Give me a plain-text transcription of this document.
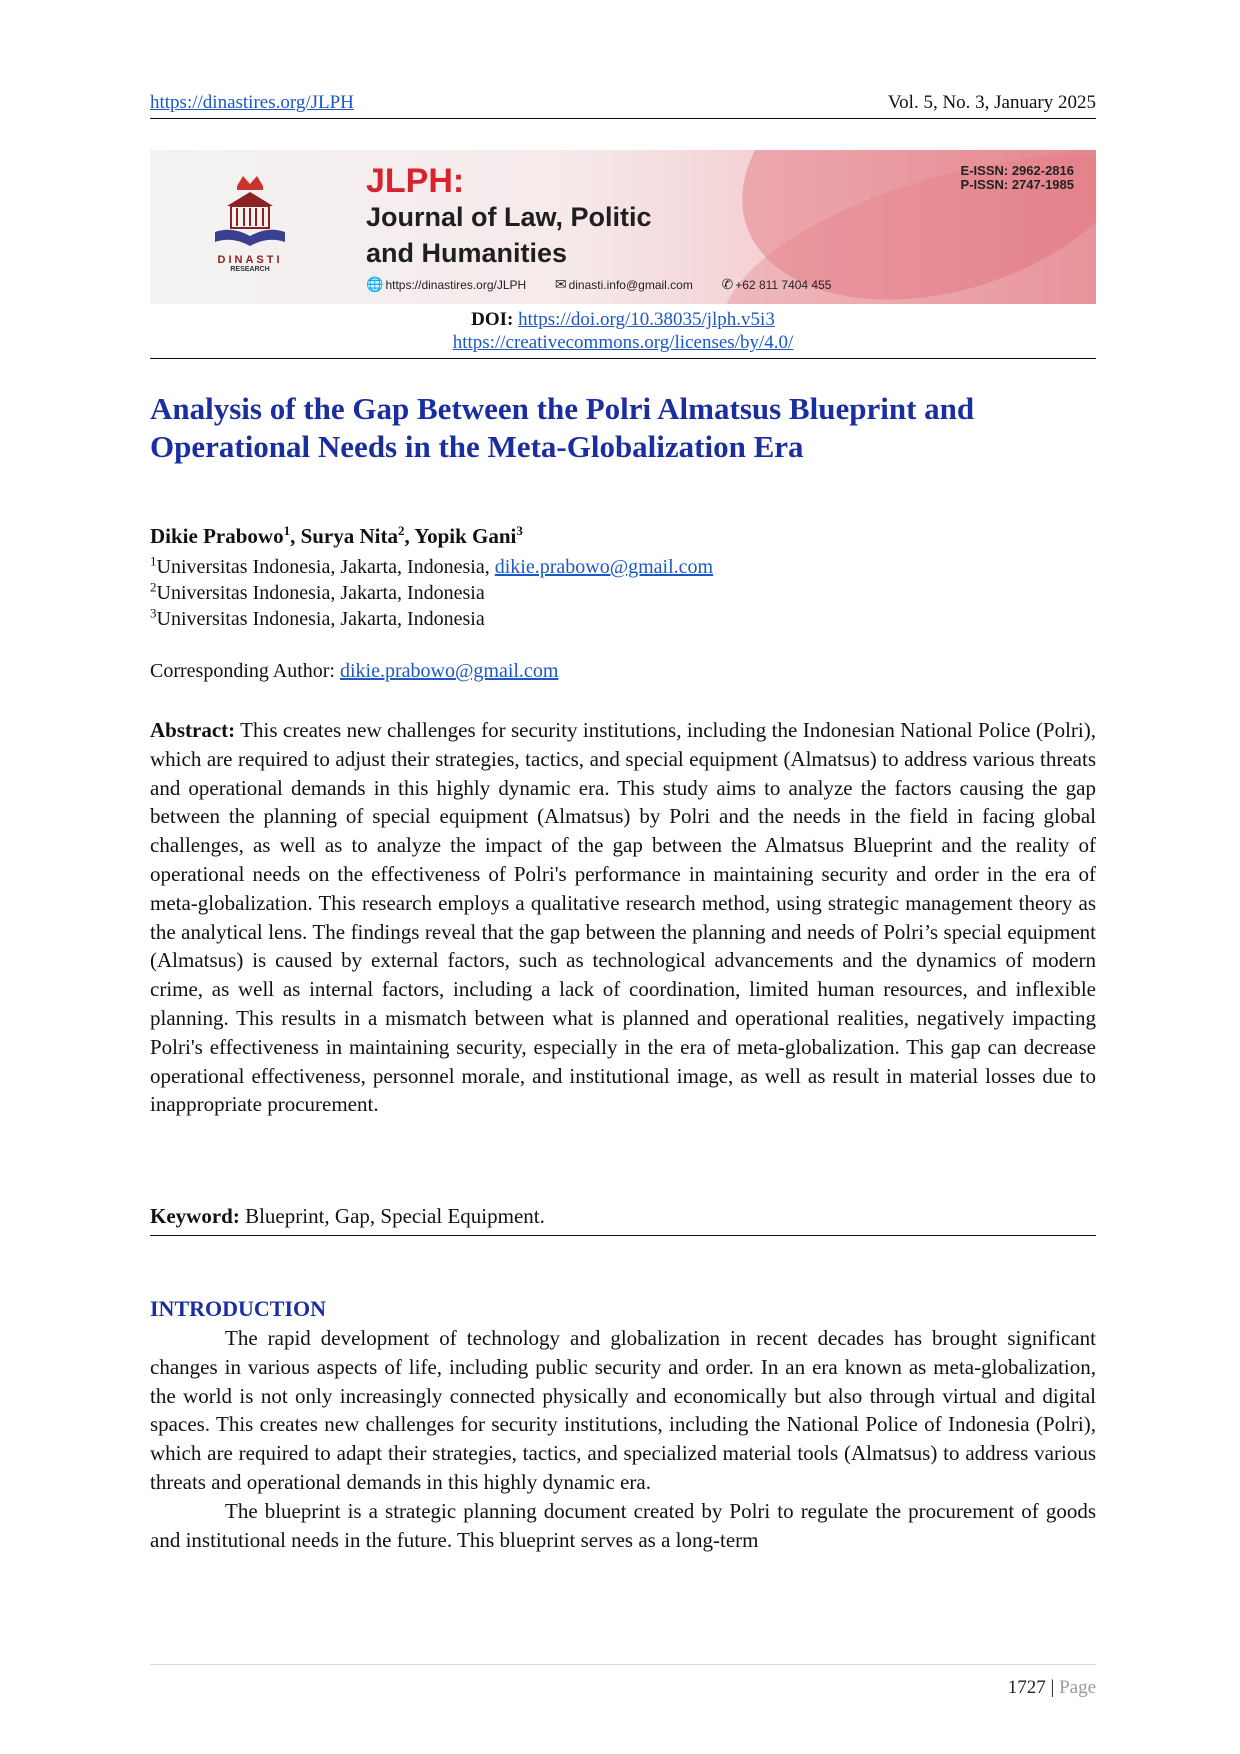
https://dinastires.org/JLPH	Vol. 5, No. 3, January 2025
DINASTI
RESEARCH
JLPH:
Journal of Law, Politic
and Humanities
🌐 https://dinastires.org/JLPH ✉ dinasti.info@gmail.com ✆ +62 811 7404 455
E-ISSN: 2962-2816
P-ISSN: 2747-1985
DOI: https://doi.org/10.38035/jlph.v5i3
https://creativecommons.org/licenses/by/4.0/
Analysis of the Gap Between the Polri Almatsus Blueprint and
Operational Needs in the Meta-Globalization Era
Dikie Prabowo$^1$, Surya Nita$^2$, Yopik Gani$^3$
$^1$Universitas Indonesia, Jakarta, Indonesia, dikie.prabowo@gmail.com
$^2$Universitas Indonesia, Jakarta, Indonesia
$^3$Universitas Indonesia, Jakarta, Indonesia
Corresponding Author: dikie.prabowo@gmail.com
Abstract: This creates new challenges for security institutions, including the Indonesian National Police (Polri), which are required to adjust their strategies, tactics, and special equipment (Almatsus) to address various threats and operational demands in this highly dynamic era. This study aims to analyze the factors causing the gap between the planning of special equipment (Almatsus) by Polri and the needs in the field in facing global challenges, as well as to analyze the impact of the gap between the Almatsus Blueprint and the reality of operational needs on the effectiveness of Polri's performance in maintaining security and order in the era of meta-globalization. This research employs a qualitative research method, using strategic management theory as the analytical lens. The findings reveal that the gap between the planning and needs of Polri’s special equipment (Almatsus) is caused by external factors, such as technological advancements and the dynamics of modern crime, as well as internal factors, including a lack of coordination, limited human resources, and inflexible planning. This results in a mismatch between what is planned and operational realities, negatively impacting Polri's effectiveness in maintaining security, especially in the era of meta-globalization. This gap can decrease operational effectiveness, personnel morale, and institutional image, as well as result in material losses due to inappropriate procurement.
Keyword: Blueprint, Gap, Special Equipment.
INTRODUCTION

The rapid development of technology and globalization in recent decades has brought significant changes in various aspects of life, including public security and order. In an era known as meta-globalization, the world is not only increasingly connected physically and economically but also through virtual and digital spaces. This creates new challenges for security institutions, including the National Police of Indonesia (Polri), which are required to adapt their strategies, tactics, and specialized material tools (Almatsus) to address various threats and operational demands in this highly dynamic era.

The blueprint is a strategic planning document created by Polri to regulate the procurement of goods and institutional needs in the future. This blueprint serves as a long-term

1727 | Page
